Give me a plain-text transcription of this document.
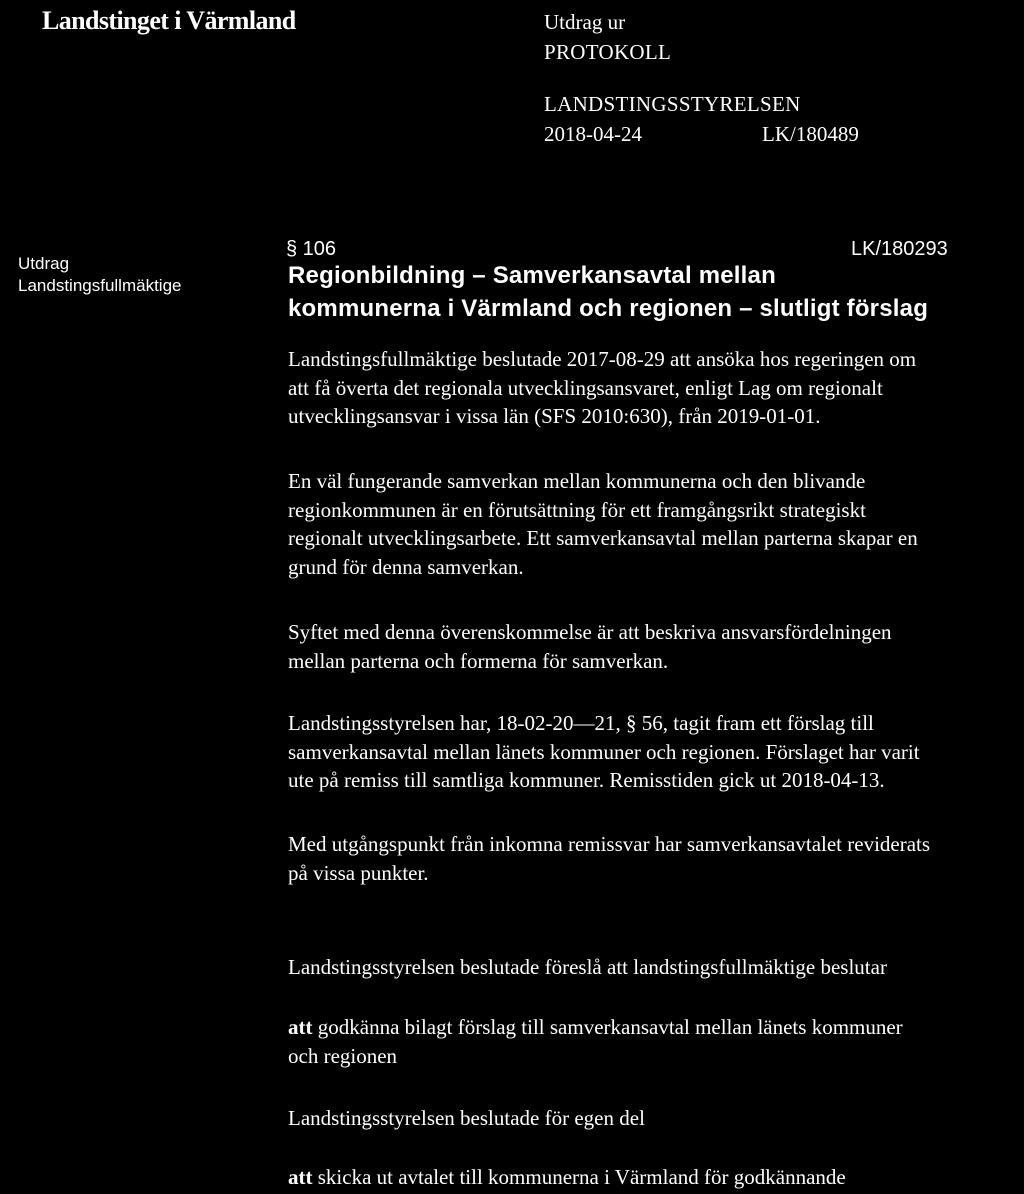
Landstinget i Värmland	Utdrag ur
PROTOKOLL
LANDSTINGSSTYRELSEN
2018-04-24	LK/180489
Utdrag
Landstingsfullmäktige
§ 106	LK/180293
Regionbildning – Samverkansavtal mellan
kommunerna i Värmland och regionen – slutligt förslag
Landstingsfullmäktige beslutade 2017-08-29 att ansöka hos regeringen om
att få överta det regionala utvecklingsansvaret, enligt Lag om regionalt
utvecklingsansvar i vissa län (SFS 2010:630), från 2019-01-01.
En väl fungerande samverkan mellan kommunerna och den blivande
regionkommunen är en förutsättning för ett framgångsrikt strategiskt
regionalt utvecklingsarbete. Ett samverkansavtal mellan parterna skapar en
grund för denna samverkan.
Syftet med denna överenskommelse är att beskriva ansvarsfördelningen
mellan parterna och formerna för samverkan.
Landstingsstyrelsen har, 18-02-20—21, § 56, tagit fram ett förslag till
samverkansavtal mellan länets kommuner och regionen. Förslaget har varit
ute på remiss till samtliga kommuner. Remisstiden gick ut 2018-04-13.
Med utgångspunkt från inkomna remissvar har samverkansavtalet reviderats
på vissa punkter.
Landstingsstyrelsen beslutade föreslå att landstingsfullmäktige beslutar
att godkänna bilagt förslag till samverkansavtal mellan länets kommuner
och regionen
Landstingsstyrelsen beslutade för egen del
att skicka ut avtalet till kommunerna i Värmland för godkännande
